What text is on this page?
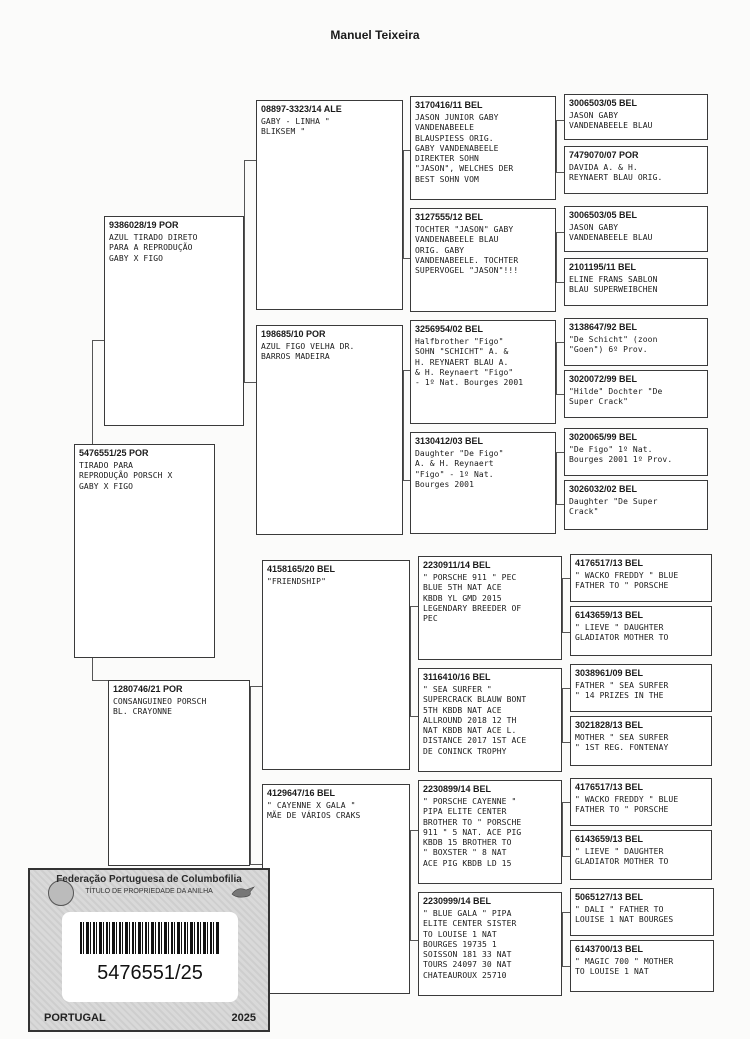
Manuel Teixeira
5476551/25 POR
TIRADO PARA
REPRODUÇÃO PORSCH X
GABY X FIGO
9386028/19 POR
AZUL TIRADO DIRETO
PARA A REPRODUÇÃO
GABY X FIGO
1280746/21 POR
CONSANGUINEO PORSCH
BL. CRAYONNE
08897-3323/14 ALE
GABY - LINHA "
BLIKSEM "
198685/10 POR
AZUL FIGO VELHA DR.
BARROS MADEIRA
4158165/20 BEL
"FRIENDSHIP"
4129647/16 BEL
" CAYENNE X GALA "
MÃE DE VÁRIOS CRAKS
3170416/11 BEL
JASON JUNIOR GABY
VANDENABEELE
BLAUSPIESS ORIG.
GABY VANDENABEELE
DIREKTER SOHN
"JASON", WELCHES DER
BEST SOHN VOM
3127555/12 BEL
TOCHTER "JASON" GABY
VANDENABEELE BLAU
ORIG. GABY
VANDENABEELE. TOCHTER
SUPERVOGEL "JASON"!!!
3256954/02 BEL
Halfbrother "Figo"
SOHN "SCHICHT" A. &
H. REYNAERT BLAU A.
& H. Reynaert "Figo"
- 1º Nat. Bourges 2001
3130412/03 BEL
Daughter "De Figo"
A. & H. Reynaert
"Figo" - 1º Nat.
Bourges 2001
2230911/14 BEL
" PORSCHE 911 " PEC
BLUE 5TH NAT ACE
KBDB YL GMD 2015
LEGENDARY BREEDER OF
PEC
3116410/16 BEL
" SEA SURFER "
SUPERCRACK BLAUW BONT
5TH KBDB NAT ACE
ALLROUND 2018 12 TH
NAT KBDB NAT ACE L.
DISTANCE 2017 1ST ACE
DE CONINCK TROPHY
2230899/14 BEL
" PORSCHE CAYENNE "
PIPA ELITE CENTER
BROTHER TO " PORSCHE
911 " 5 NAT. ACE PIG
KBDB 15 BROTHER TO
" BOXSTER " 8 NAT
ACE PIG KBDB LD 15
2230999/14 BEL
" BLUE GALA " PIPA
ELITE CENTER SISTER
TO LOUISE 1 NAT
BOURGES 19735 1
SOISSON 181 33 NAT
TOURS 24097 30 NAT
CHATEAUROUX 25710
3006503/05 BEL
JASON GABY
VANDENABEELE BLAU
7479070/07 POR
DAVIDA A. & H.
REYNAERT BLAU ORIG.
3006503/05 BEL
JASON GABY
VANDENABEELE BLAU
2101195/11 BEL
ELINE FRANS SABLON
BLAU SUPERWEIBCHEN
3138647/92 BEL
"De Schicht" (zoon
"Goen") 6º Prov.
3020072/99 BEL
"Hilde" Dochter "De
Super Crack"
3020065/99 BEL
"De Figo" 1º Nat.
Bourges 2001 1º Prov.
3026032/02 BEL
Daughter "De Super
Crack"
4176517/13 BEL
" WACKO FREDDY " BLUE
FATHER TO " PORSCHE
6143659/13 BEL
" LIEVE " DAUGHTER
GLADIATOR MOTHER TO
3038961/09 BEL
FATHER " SEA SURFER
" 14 PRIZES IN THE
3021828/13 BEL
MOTHER " SEA SURFER
" 1ST REG. FONTENAY
4176517/13 BEL
" WACKO FREDDY " BLUE
FATHER TO " PORSCHE
6143659/13 BEL
" LIEVE " DAUGHTER
GLADIATOR MOTHER TO
5065127/13 BEL
" DALI " FATHER TO
LOUISE 1 NAT BOURGES
6143700/13 BEL
" MAGIC 700 " MOTHER
TO LOUISE 1 NAT
Federação Portuguesa de Columbofilia
TÍTULO DE PROPRIEDADE DA ANILHA
5476551/25
PORTUGAL	2025
